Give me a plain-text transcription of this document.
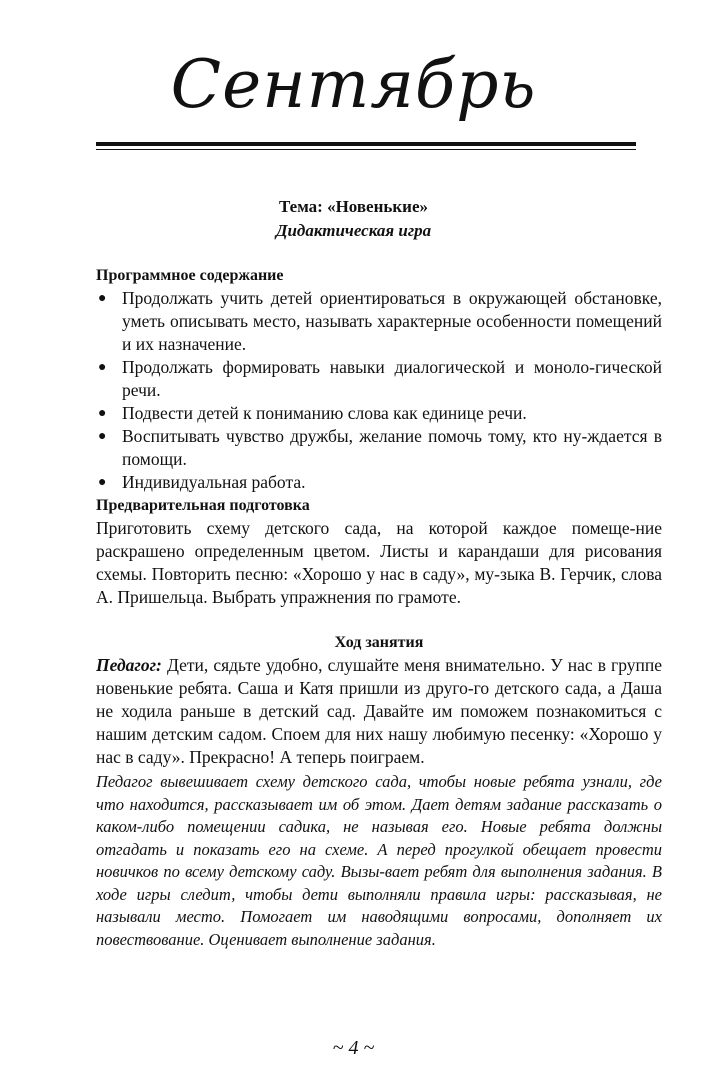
Сентябрь
Тема: «Новенькие»
Дидактическая игра

Программное содержание

● Продолжать учить детей ориентироваться в окружающей обстановке, уметь описывать место, называть характерные особенности помещений и их назначение.
● Продолжать формировать навыки диалогической и моноло-гической речи.
● Подвести детей к пониманию слова как единице речи.
● Воспитывать чувство дружбы, желание помочь тому, кто ну-ждается в помощи.
● Индивидуальная работа.

Предварительная подготовка

Приготовить схему детского сада, на которой каждое помеще-ние раскрашено определенным цветом. Листы и карандаши для рисования схемы. Повторить песню: «Хорошо у нас в саду», му-зыка В. Герчик, слова А. Пришельца. Выбрать упражнения по грамоте.

Ход занятия

Педагог: Дети, сядьте удобно, слушайте меня внимательно. У нас в группе новенькие ребята. Саша и Катя пришли из друго-го детского сада, а Даша не ходила раньше в детский сад. Давайте им поможем познакомиться с нашим детским садом. Споем для них нашу любимую песенку: «Хорошо у нас в саду». Прекрасно! А теперь поиграем.

Педагог вывешивает схему детского сада, чтобы новые ребята узнали, где что находится, рассказывает им об этом. Дает детям задание рассказать о каком-либо помещении садика, не называя его. Новые ребята должны отгадать и показать его на схеме. А перед прогулкой обещает провести новичков по всему детскому саду. Вызы-вает ребят для выполнения задания. В ходе игры следит, чтобы дети выполняли правила игры: рассказывая, не называли место. Помогает им наводящими вопросами, дополняет их повествование. Оценивает выполнение задания.

~ 4 ~
